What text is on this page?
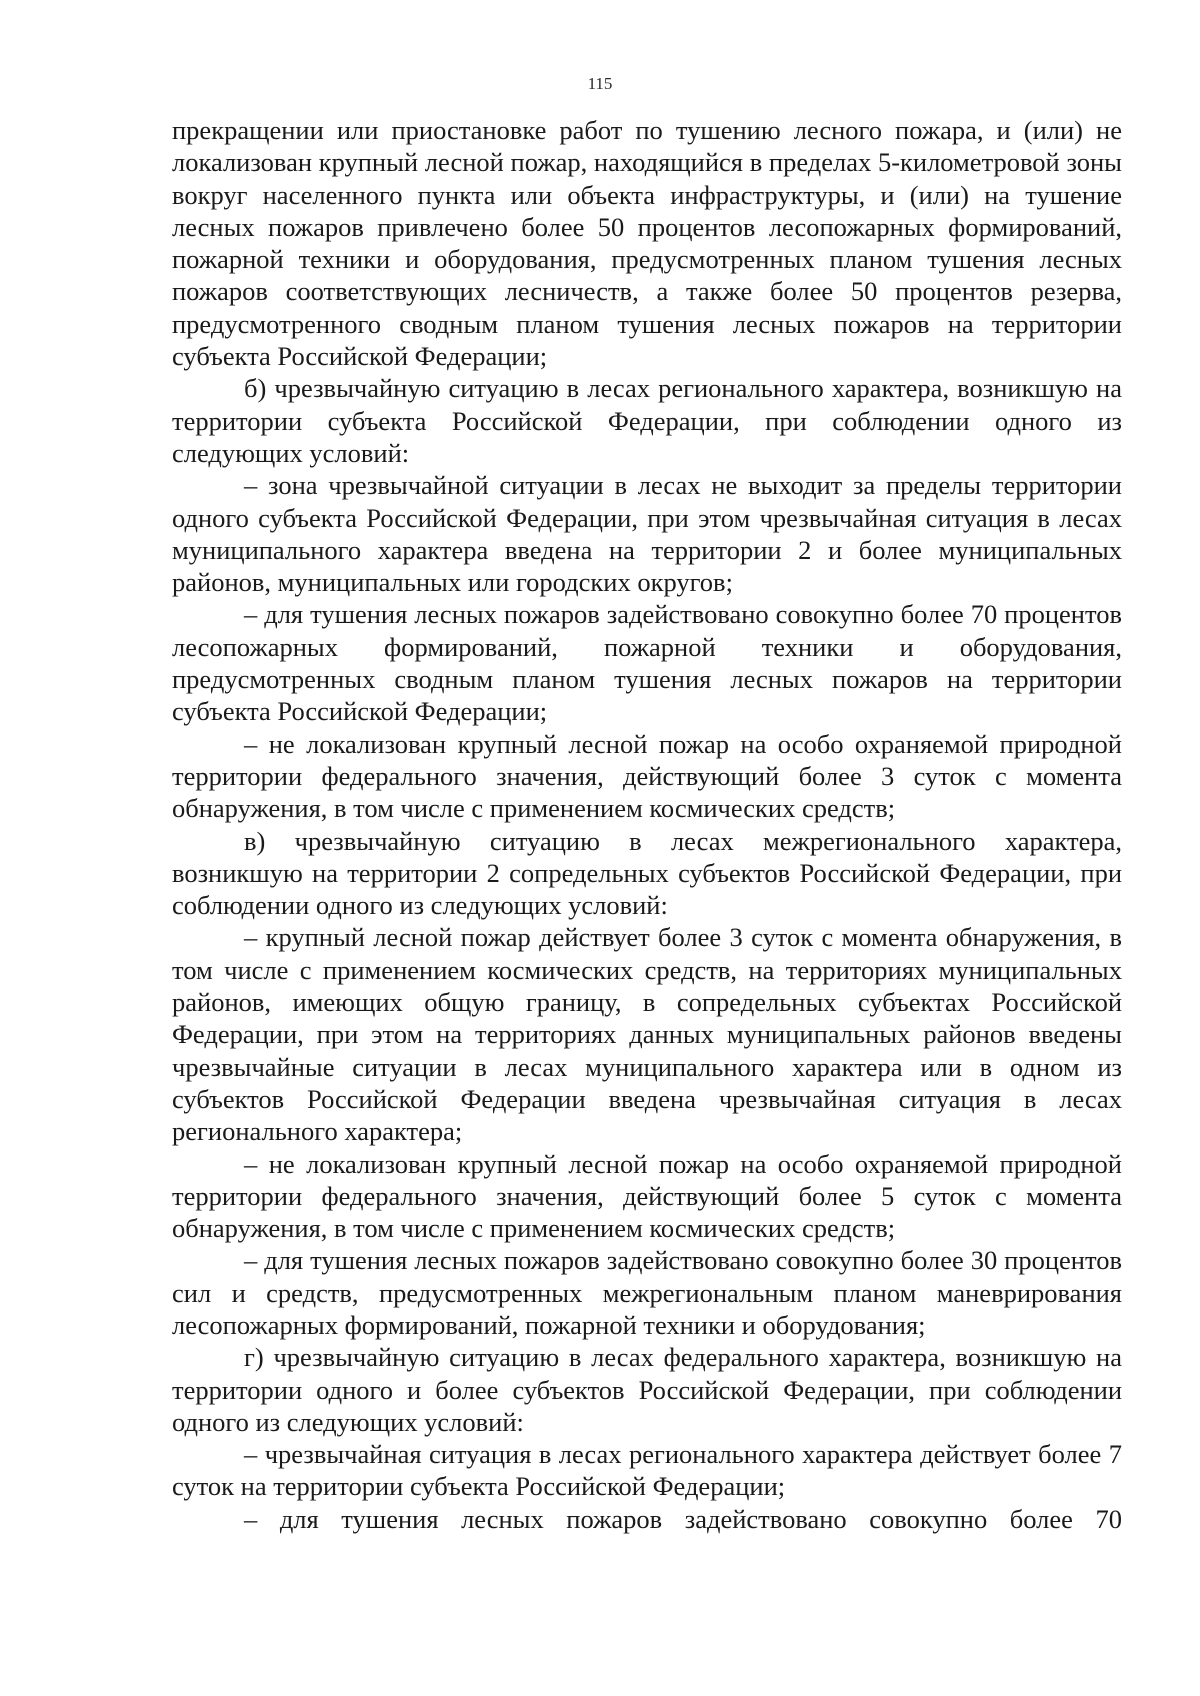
115

прекращении или приостановке работ по тушению лесного пожара, и (или) не локализован крупный лесной пожар, находящийся в пределах 5-километровой зоны вокруг населенного пункта или объекта инфраструктуры, и (или) на тушение лесных пожаров привлечено более 50 процентов лесопожарных формирований, пожарной техники и оборудования, предусмотренных планом тушения лесных пожаров соответствующих лесничеств, а также более 50 процентов резерва, предусмотренного сводным планом тушения лесных пожаров на территории субъекта Российской Федерации;

б) чрезвычайную ситуацию в лесах регионального характера, возникшую на территории субъекта Российской Федерации, при соблюдении одного из следующих условий:

– зона чрезвычайной ситуации в лесах не выходит за пределы территории одного субъекта Российской Федерации, при этом чрезвычайная ситуация в лесах муниципального характера введена на территории 2 и более муниципальных районов, муниципальных или городских округов;

– для тушения лесных пожаров задействовано совокупно более 70 процентов лесопожарных формирований, пожарной техники и оборудования, предусмотренных сводным планом тушения лесных пожаров на территории субъекта Российской Федерации;

– не локализован крупный лесной пожар на особо охраняемой природной территории федерального значения, действующий более 3 суток с момента обнаружения, в том числе с применением космических средств;

в) чрезвычайную ситуацию в лесах межрегионального характера, возникшую на территории 2 сопредельных субъектов Российской Федерации, при соблюдении одного из следующих условий:

– крупный лесной пожар действует более 3 суток с момента обнаружения, в том числе с применением космических средств, на территориях муниципальных районов, имеющих общую границу, в сопредельных субъектах Российской Федерации, при этом на территориях данных муниципальных районов введены чрезвычайные ситуации в лесах муниципального характера или в одном из субъектов Российской Федерации введена чрезвычайная ситуация в лесах регионального характера;

– не локализован крупный лесной пожар на особо охраняемой природной территории федерального значения, действующий более 5 суток с момента обнаружения, в том числе с применением космических средств;

– для тушения лесных пожаров задействовано совокупно более 30 процентов сил и средств, предусмотренных межрегиональным планом маневрирования лесопожарных формирований, пожарной техники и оборудования;

г) чрезвычайную ситуацию в лесах федерального характера, возникшую на территории одного и более субъектов Российской Федерации, при соблюдении одного из следующих условий:

– чрезвычайная ситуация в лесах регионального характера действует более 7 суток на территории субъекта Российской Федерации;

– для тушения лесных пожаров задействовано совокупно более 70
